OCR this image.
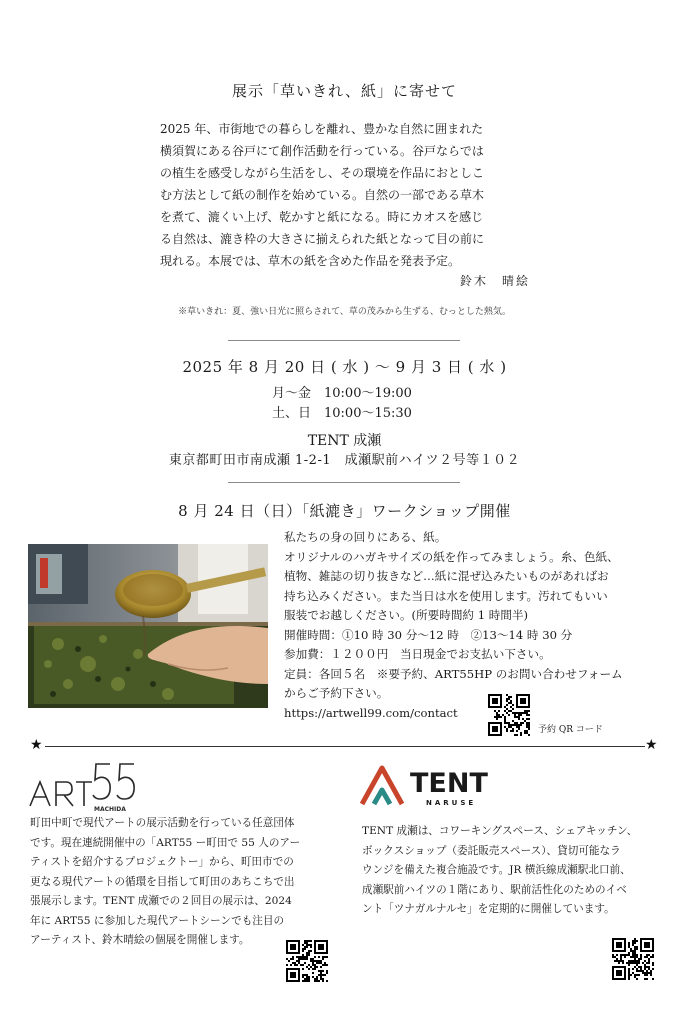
展示「草いきれ、紙」に寄せて

2025 年、市街地での暮らしを離れ、豊かな自然に囲まれた

横須賀にある谷戸にて創作活動を行っている。谷戸ならでは

の植生を感受しながら生活をし、その環境を作品におとしこ

む方法として紙の制作を始めている。自然の一部である草木

を煮て、漉くい上げ、乾かすと紙になる。時にカオスを感じ

る自然は、漉き枠の大きさに揃えられた紙となって目の前に

現れる。本展では、草木の紙を含めた作品を発表予定。

鈴木　晴絵
※草いきれ：夏、強い日光に照らされて、草の茂みから生ずる、むっとした熱気。
2025 年 8 月 20 日 ( 水 ) ～ 9 月 3 日 ( 水 )
月～金　10:00～19:00
土、日　10:00～15:30
TENT 成瀬
東京都町田市南成瀬 1-2-1　成瀬駅前ハイツ２号等１０２
8 月 24 日（日）「紙漉き」ワークショップ開催
私たちの身の回りにある、紙。
オリジナルのハガキサイズの紙を作ってみましょう。糸、色紙、
植物、雑誌の切り抜きなど…紙に混ぜ込みたいものがあればお
持ち込みください。また当日は水を使用します。汚れてもいい
服装でお越しください。(所要時間約 1 時間半)
開催時間：①10 時 30 分～12 時　②13～14 時 30 分
参加費：１２００円　当日現金でお支払い下さい。
定員：各回５名　※要予約、ART55HP のお問い合わせフォーム
からご予約下さい。
https://artwell99.com/contact
予約 QR コード
★	★
MACHIDA
TENT
NARUSE
町田中町で現代アートの展示活動を行っている任意団体
です。現在連続開催中の「ART55 ー町田で 55 人のアー
ティストを紹介するプロジェクトー」から、町田市での
更なる現代アートの循環を目指して町田のあちこちで出
張展示します。TENT 成瀬での２回目の展示は、2024
年に ART55 に参加した現代アートシーンでも注目の
アーティスト、鈴木晴絵の個展を開催します。
TENT 成瀬は、コワーキングスペース、シェアキッチン、
ボックスショップ（委託販売スペース）、貸切可能なラ
ウンジを備えた複合施設です。JR 横浜線成瀬駅北口前、
成瀬駅前ハイツの１階にあり、駅前活性化のためのイベ
ント「ツナガルナルセ」を定期的に開催しています。
